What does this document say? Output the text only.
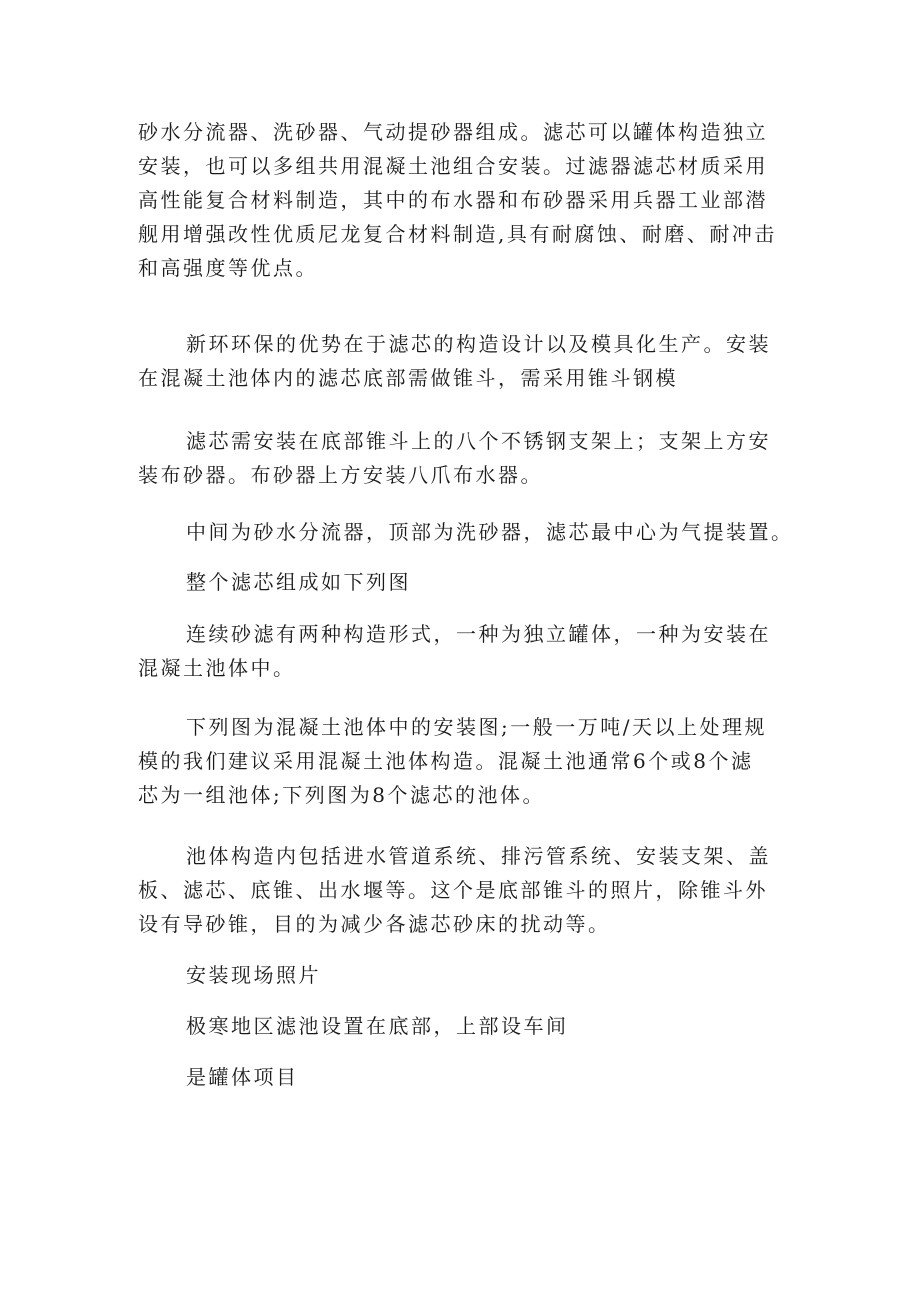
砂水分流器、洗砂器、气动提砂器组成。滤芯可以罐体构造独立
安装，也可以多组共用混凝土池组合安装。过滤器滤芯材质采用
高性能复合材料制造，其中的布水器和布砂器采用兵器工业部潜
舰用增强改性优质尼龙复合材料制造,具有耐腐蚀、耐磨、耐冲击
和高强度等优点。
新环环保的优势在于滤芯的构造设计以及模具化生产。安装
在混凝土池体内的滤芯底部需做锥斗，需采用锥斗钢模
滤芯需安装在底部锥斗上的八个不锈钢支架上；支架上方安
装布砂器。布砂器上方安装八爪布水器。
中间为砂水分流器，顶部为洗砂器，滤芯最中心为气提装置。
整个滤芯组成如下列图
连续砂滤有两种构造形式，一种为独立罐体，一种为安装在
混凝土池体中。
下列图为混凝土池体中的安装图;一般一万吨/天以上处理规
模的我们建议采用混凝土池体构造。混凝土池通常6个或8个滤
芯为一组池体;下列图为8个滤芯的池体。
池体构造内包括进水管道系统、排污管系统、安装支架、盖
板、滤芯、底锥、出水堰等。这个是底部锥斗的照片，除锥斗外
设有导砂锥，目的为减少各滤芯砂床的扰动等。
安装现场照片
极寒地区滤池设置在底部，上部设车间
是罐体项目
